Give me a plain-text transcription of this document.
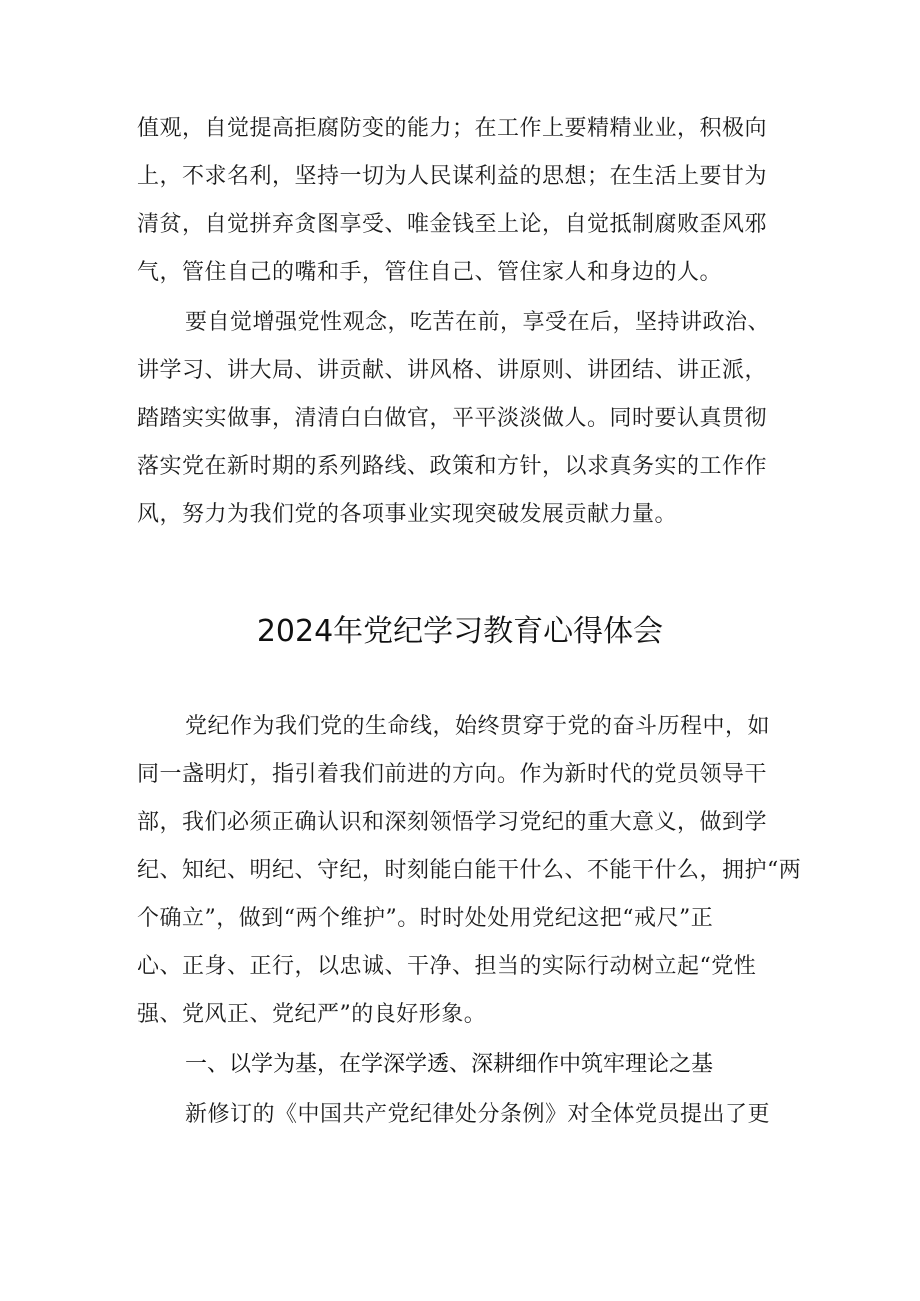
值观，自觉提高拒腐防变的能力；在工作上要精精业业，积极向
上，不求名利，坚持一切为人民谋利益的思想；在生活上要甘为
清贫，自觉拼弃贪图享受、唯金钱至上论，自觉抵制腐败歪风邪
气，管住自己的嘴和手，管住自己、管住家人和身边的人。
要自觉增强党性观念，吃苦在前，享受在后，坚持讲政治、
讲学习、讲大局、讲贡献、讲风格、讲原则、讲团结、讲正派，
踏踏实实做事，清清白白做官，平平淡淡做人。同时要认真贯彻
落实党在新时期的系列路线、政策和方针，以求真务实的工作作
风，努力为我们党的各项事业实现突破发展贡献力量。
2024年党纪学习教育心得体会
党纪作为我们党的生命线，始终贯穿于党的奋斗历程中，如
同一盏明灯，指引着我们前进的方向。作为新时代的党员领导干
部，我们必须正确认识和深刻领悟学习党纪的重大意义，做到学
纪、知纪、明纪、守纪，时刻能白能干什么、不能干什么，拥护“两
个确立”，做到“两个维护”。时时处处用党纪这把“戒尺”正
心、正身、正行，以忠诚、干净、担当的实际行动树立起“党性
强、党风正、党纪严”的良好形象。
一、以学为基，在学深学透、深耕细作中筑牢理论之基
新修订的《中国共产党纪律处分条例》对全体党员提出了更
